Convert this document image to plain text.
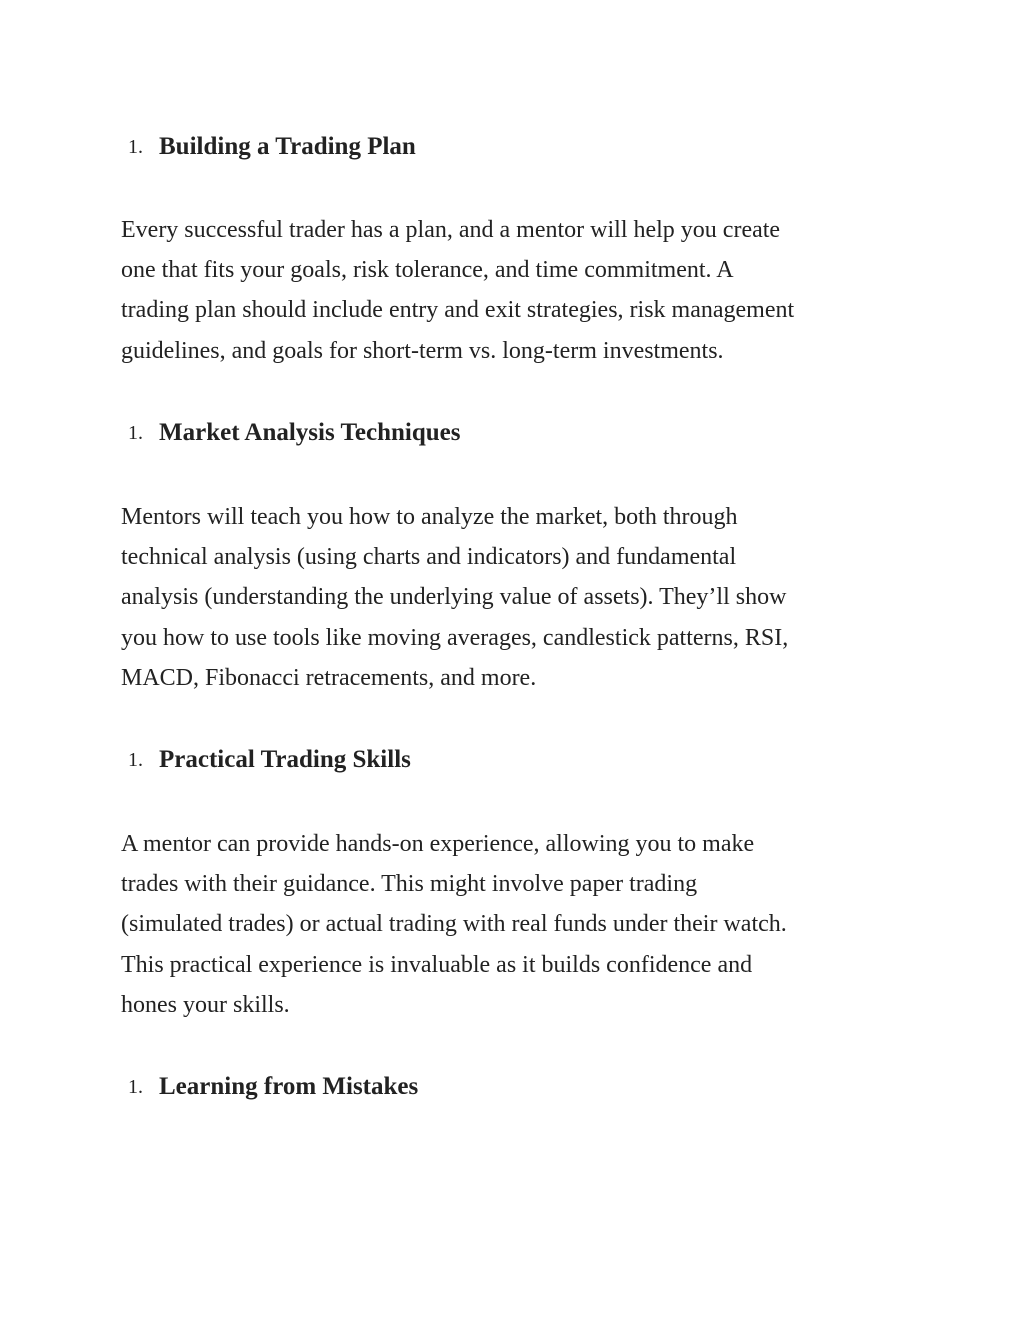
1. Building a Trading Plan

Every successful trader has a plan, and a mentor will help you create
one that fits your goals, risk tolerance, and time commitment. A
trading plan should include entry and exit strategies, risk management
guidelines, and goals for short-term vs. long-term investments.

1. Market Analysis Techniques

Mentors will teach you how to analyze the market, both through
technical analysis (using charts and indicators) and fundamental
analysis (understanding the underlying value of assets). They’ll show
you how to use tools like moving averages, candlestick patterns, RSI,
MACD, Fibonacci retracements, and more.

1. Practical Trading Skills

A mentor can provide hands-on experience, allowing you to make
trades with their guidance. This might involve paper trading
(simulated trades) or actual trading with real funds under their watch.
This practical experience is invaluable as it builds confidence and
hones your skills.

1. Learning from Mistakes
